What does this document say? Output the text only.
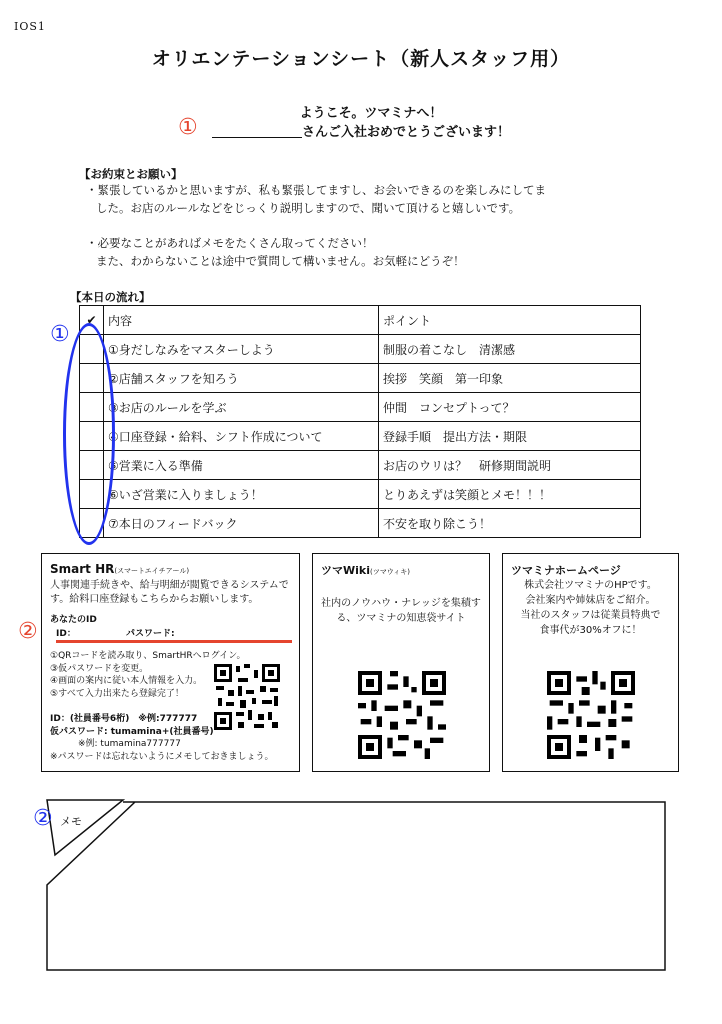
IOS1
オリエンテーションシート（新人スタッフ用）
①
ようこそ。ツマミナへ！
さんご入社おめでとうございます！
【お約束とお願い】
・緊張しているかと思いますが、私も緊張してますし、お会いできるのを楽しみにしてま
した。お店のルールなどをじっくり説明しますので、聞いて頂けると嬉しいです。
・必要なことがあればメモをたくさん取ってください！
また、わからないことは途中で質問して構いません。お気軽にどうぞ！
【本日の流れ】
✔	内容	ポイント
	①身だしなみをマスターしよう	制服の着こなし　清潔感
	②店舗スタッフを知ろう	挨拶　笑顔　第一印象
	③お店のルールを学ぶ	仲間　コンセプトって？
	④口座登録・給料、シフト作成について	登録手順　提出方法・期限
	⑤営業に入る準備	お店のウリは？　研修期間説明
	⑥いざ営業に入りましょう！	とりあえずは笑顔とメモ！！！
	⑦本日のフィードバック	不安を取り除こう！
①
Smart HR(スマートエイチアール)
人事関連手続きや、給与明細が閲覧できるシステムで
す。給料口座登録もこちらからお願いします。
あなたのID
ID：	パスワード:
①QRコードを読み取り、SmartHRへログイン。
③仮パスワードを変更。
④画面の案内に従い本人情報を入力。
⑤すべて入力出来たら登録完了！
ID：(社員番号6桁)　※例:777777
仮パスワード: tumamina+(社員番号)
※例: tumamina777777
※パスワードは忘れないようにメモしておきましょう。
②
ツマWiki(ツマウィキ)
社内のノウハウ・ナレッジを集積す
る、ツマミナの知恵袋サイト
ツマミナホームページ
株式会社ツマミナのHPです。
会社案内や姉妹店をご紹介。
当社のスタッフは従業員特典で
食事代が30%オフに！
② メモ
